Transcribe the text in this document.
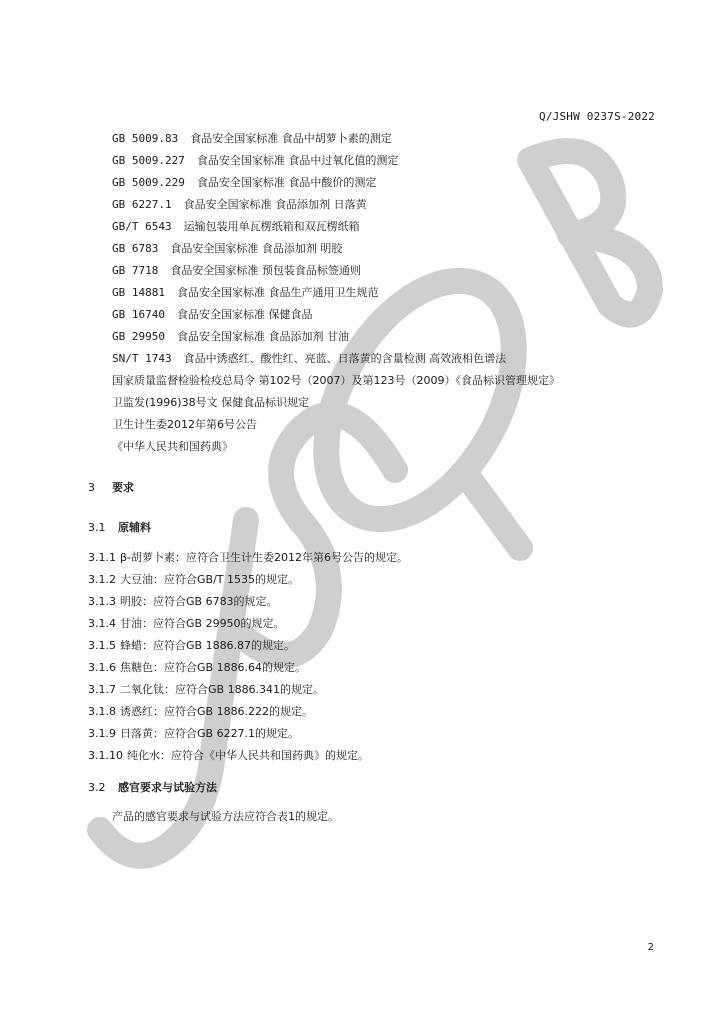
Q/JSHW 0237S-2022
GB 5009.83 食品安全国家标准 食品中胡萝卜素的测定
GB 5009.227 食品安全国家标准 食品中过氧化值的测定
GB 5009.229 食品安全国家标准 食品中酸价的测定
GB 6227.1 食品安全国家标准 食品添加剂 日落黄
GB/T 6543 运输包装用单瓦楞纸箱和双瓦楞纸箱
GB 6783 食品安全国家标准 食品添加剂 明胶
GB 7718 食品安全国家标准 预包装食品标签通则
GB 14881 食品安全国家标准 食品生产通用卫生规范
GB 16740 食品安全国家标准 保健食品
GB 29950 食品安全国家标准 食品添加剂 甘油
SN/T 1743 食品中诱惑红、酸性红、亮蓝、日落黄的含量检测 高效液相色谱法
国家质量监督检验检疫总局令 第102号（2007）及第123号（2009）《食品标识管理规定》
卫监发(1996)38号文 保健食品标识规定
卫生计生委2012年第6号公告
《中华人民共和国药典》
3 要求
3.1 原辅料
3.1.1 β-胡萝卜素：应符合卫生计生委2012年第6号公告的规定。
3.1.2 大豆油：应符合GB/T 1535的规定。
3.1.3 明胶：应符合GB 6783的规定。
3.1.4 甘油：应符合GB 29950的规定。
3.1.5 蜂蜡：应符合GB 1886.87的规定。
3.1.6 焦糖色：应符合GB 1886.64的规定。
3.1.7 二氧化钛：应符合GB 1886.341的规定。
3.1.8 诱惑红：应符合GB 1886.222的规定。
3.1.9 日落黄：应符合GB 6227.1的规定。
3.1.10 纯化水：应符合《中华人民共和国药典》的规定。
3.2 感官要求与试验方法
产品的感官要求与试验方法应符合表1的规定。
2
